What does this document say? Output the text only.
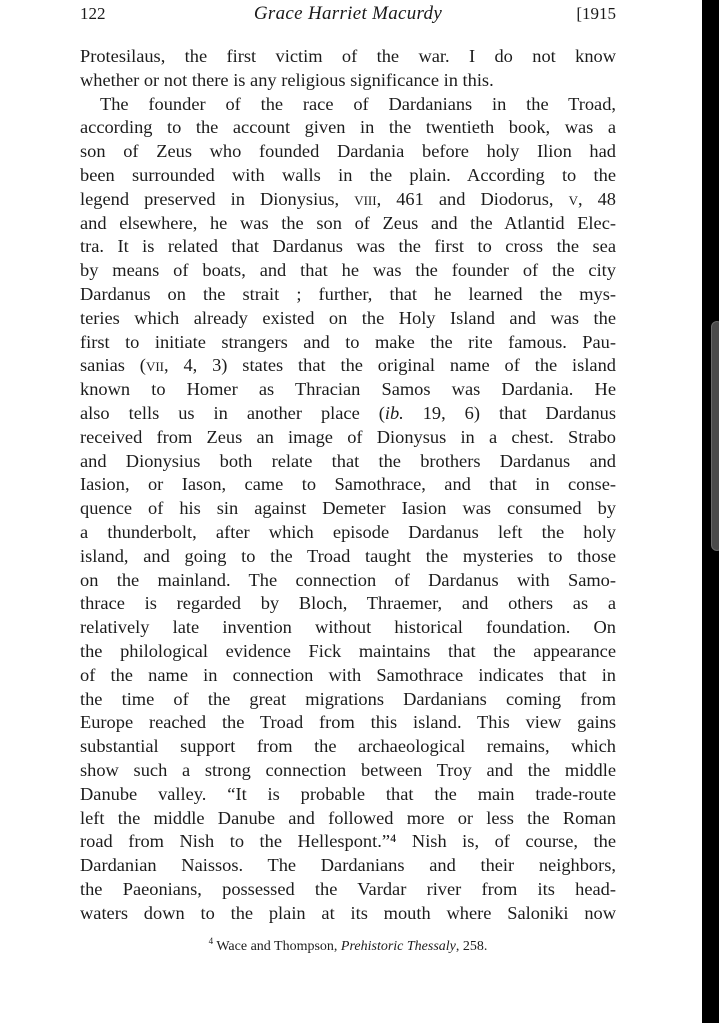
122	Grace Harriet Macurdy	[1915
Protesilaus, the first victim of the war. I do not know
whether or not there is any religious significance in this.
The founder of the race of Dardanians in the Troad,
according to the account given in the twentieth book, was a
son of Zeus who founded Dardania before holy Ilion had
been surrounded with walls in the plain. According to the
legend preserved in Dionysius, viii, 461 and Diodorus, v, 48
and elsewhere, he was the son of Zeus and the Atlantid Elec-
tra. It is related that Dardanus was the first to cross the sea
by means of boats, and that he was the founder of the city
Dardanus on the strait ; further, that he learned the mys-
teries which already existed on the Holy Island and was the
first to initiate strangers and to make the rite famous. Pau-
sanias (vii, 4, 3) states that the original name of the island
known to Homer as Thracian Samos was Dardania. He
also tells us in another place (ib. 19, 6) that Dardanus
received from Zeus an image of Dionysus in a chest. Strabo
and Dionysius both relate that the brothers Dardanus and
Iasion, or Iason, came to Samothrace, and that in conse-
quence of his sin against Demeter Iasion was consumed by
a thunderbolt, after which episode Dardanus left the holy
island, and going to the Troad taught the mysteries to those
on the mainland. The connection of Dardanus with Samo-
thrace is regarded by Bloch, Thraemer, and others as a
relatively late invention without historical foundation. On
the philological evidence Fick maintains that the appearance
of the name in connection with Samothrace indicates that in
the time of the great migrations Dardanians coming from
Europe reached the Troad from this island. This view gains
substantial support from the archaeological remains, which
show such a strong connection between Troy and the middle
Danube valley. “It is probable that the main trade-route
left the middle Danube and followed more or less the Roman
road from Nish to the Hellespont.”⁴ Nish is, of course, the
Dardanian Naissos. The Dardanians and their neighbors,
the Paeonians, possessed the Vardar river from its head-
waters down to the plain at its mouth where Saloniki now
$^4$ Wace and Thompson, Prehistoric Thessaly, 258.
